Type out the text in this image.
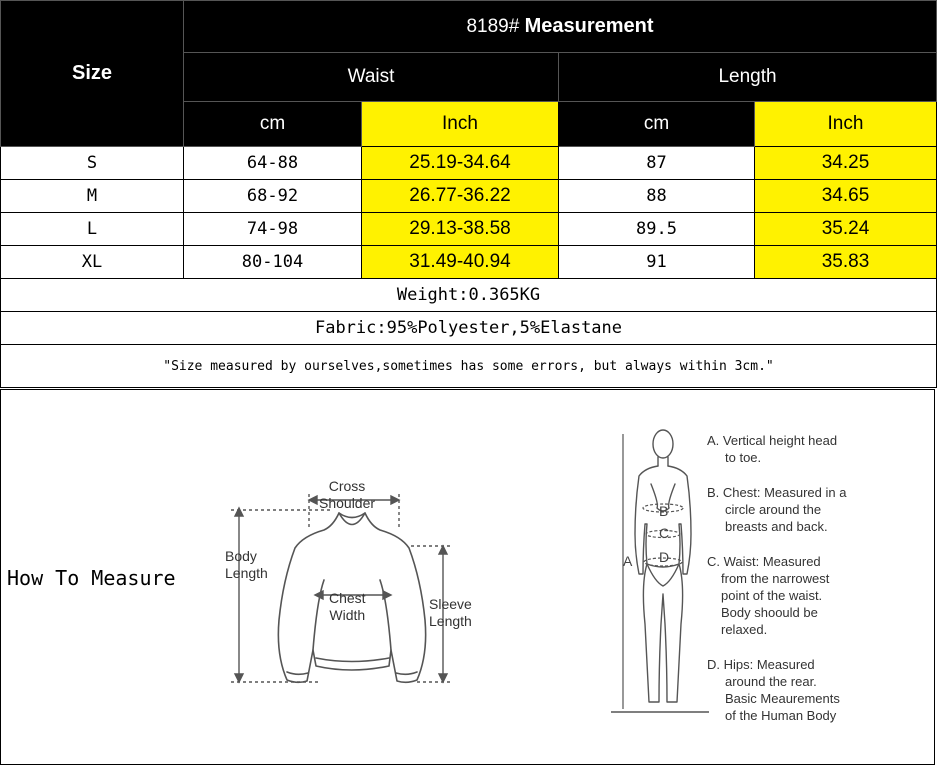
Size	8189# Measurement			
	Waist		Length	
	cm	Inch	cm	Inch
S	64-88	25.19-34.64	87	34.25
M	68-92	26.77-36.22	88	34.65
L	74-98	29.13-38.58	89.5	35.24
XL	80-104	31.49-40.94	91	35.83
Weight:0.365KG				
Fabric:95%Polyester,5%Elastane				
"Size measured by ourselves,sometimes has some errors, but always within 3cm."				
How To Measure
Cross
Shoulder
Body
Length
Chest
Width
Sleeve
Length
A
B
C
D
A. Vertical height head
to toe.
B. Chest: Measured in a
circle around the
breasts and back.
C. Waist: Measured
from the narrowest
point of the waist.
Body shoould be
relaxed.
D. Hips: Measured
around the rear.
Basic Meaurements
of the Human Body
